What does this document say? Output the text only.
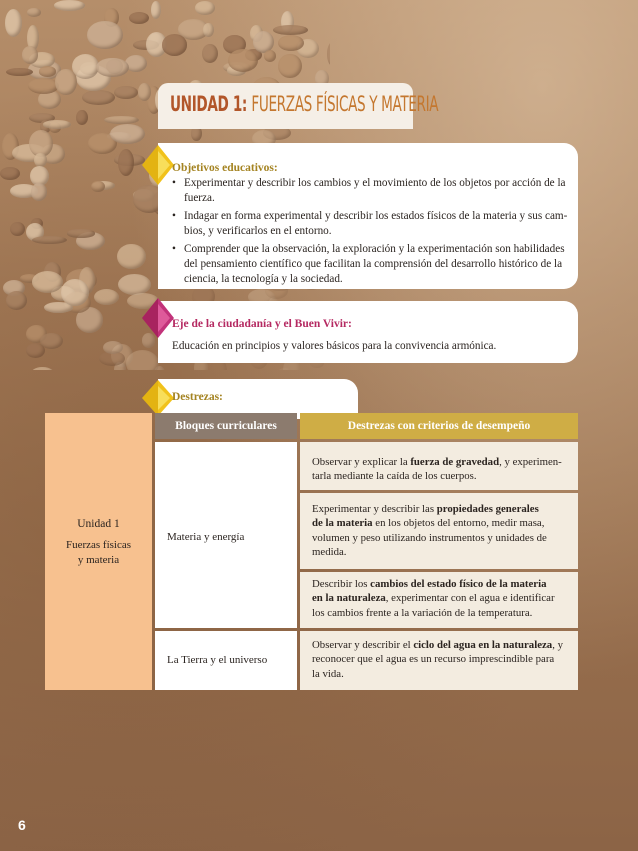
UNIDAD 1: FUERZAS FÍSICAS Y MATERIA
Objetivos educativos:
• Experimentar y describir los cambios y el movimiento de los objetos por acción de la
fuerza.
• Indagar en forma experimental y describir los estados físicos de la materia y sus cam-
bios, y verificarlos en el entorno.
• Comprender que la observación, la exploración y la experimentación son habilidades
del pensamiento científico que facilitan la comprensión del desarrollo histórico de la
ciencia, la tecnología y la sociedad.
Eje de la ciudadanía y el Buen Vivir:
Educación en principios y valores básicos para la convivencia armónica.
Destrezas:
Unidad 1
Fuerzas físicas
y materia
Bloques curriculares	Destrezas con criterios de desempeño
Materia y energía
La Tierra y el universo
Observar y explicar la fuerza de gravedad, y experimen-
tarla mediante la caída de los cuerpos.
Experimentar y describir las propiedades generales
de la materia en los objetos del entorno, medir masa,
volumen y peso utilizando instrumentos y unidades de
medida.
Describir los cambios del estado físico de la materia
en la naturaleza, experimentar con el agua e identificar
los cambios frente a la variación de la temperatura.
Observar y describir el ciclo del agua en la naturaleza, y
reconocer que el agua es un recurso imprescindible para
la vida.
6
